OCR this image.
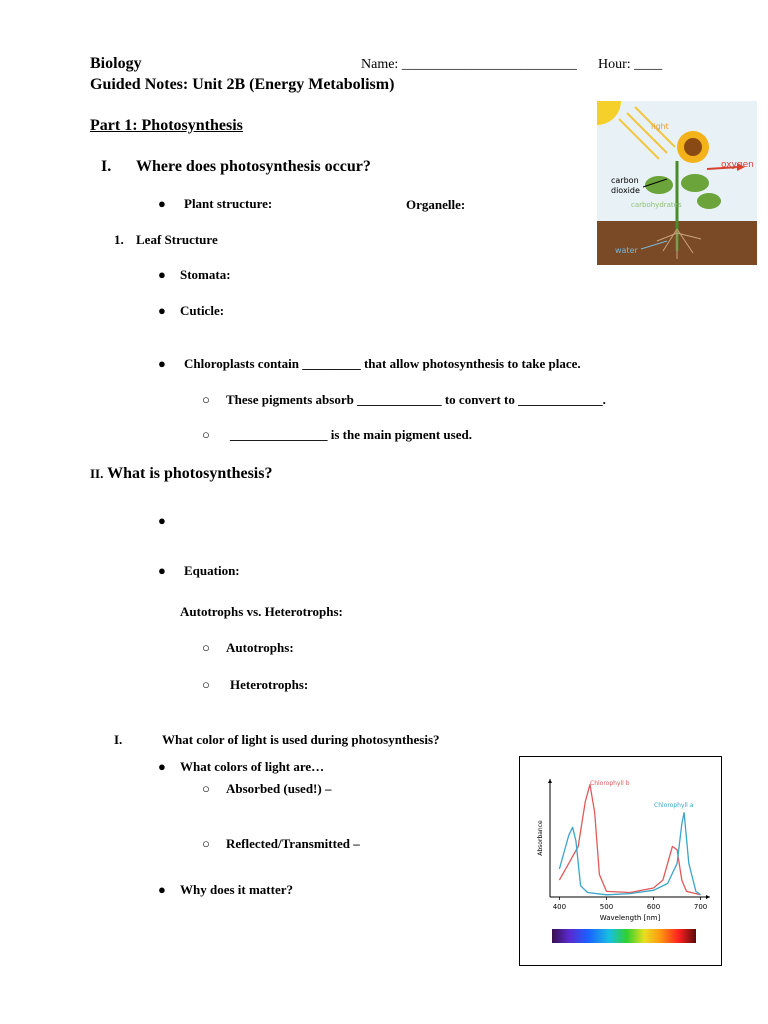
Biology	Name: _________________________ Hour: ____
Guided Notes: Unit 2B (Energy Metabolism)
Part 1: Photosynthesis
I. Where does photosynthesis occur?
● Plant structure:	Organelle:
1. Leaf Structure
● Stomata:
● Cuticle:
● Chloroplasts contain _________ that allow photosynthesis to take place.
○ These pigments absorb _____________ to convert to _____________.
○ _______________ is the main pigment used.
light
oxygen
carbon
dioxide
carbohydrates
water
II. What is photosynthesis?
●
● Equation:
Autotrophs vs. Heterotrophs:
○ Autotrophs:
○ Heterotrophs:
I.	What color of light is used during photosynthesis?
● What colors of light are…
○ Absorbed (used!) –
○ Reflected/Transmitted –
● Why does it matter?
400	500	600	700
Wavelength [nm]
Absorbance
Chlorophyll b
Chlorophyll a
